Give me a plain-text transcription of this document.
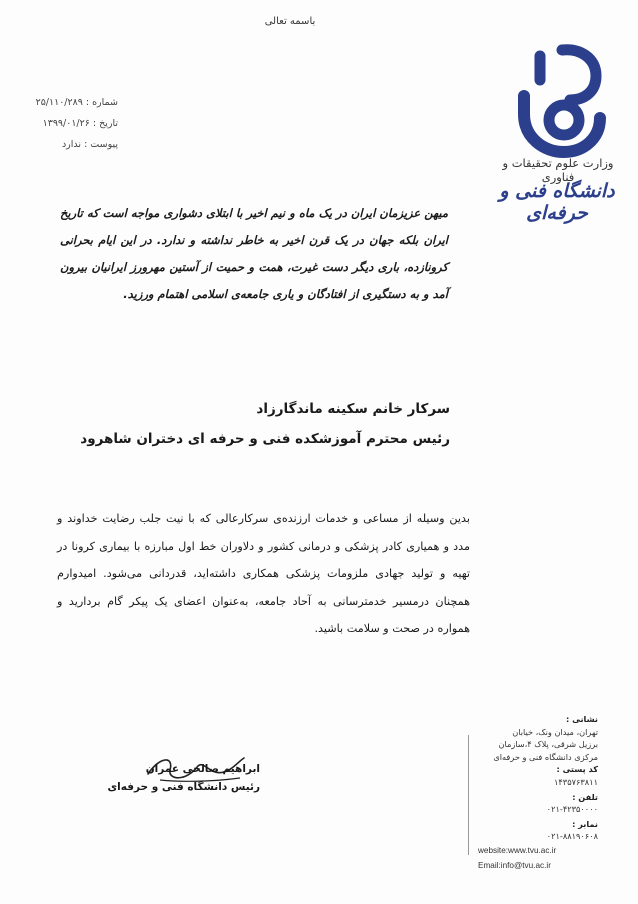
باسمه تعالی
شماره : ۲۵/۱۱۰/۲۸۹
تاریخ : ۱۳۹۹/۰۱/۲۶
پیوست : ندارد
وزارت علوم تحقیقات و فناوری
دانشگاه فنی و حرفه‌ای
میهن عزیزمان ایران در یک ماه و نیم اخیر با ابتلای دشواری مواجه است که تاریخ ایران بلکه جهان در یک قرن اخیر به خاطر نداشته و ندارد. در این ایام بحرانی کرونازده، باری دیگر دست غیرت، همت و حمیت از آستین مهرورز ایرانیان بیرون آمد و به دستگیری از افتادگان و یاری جامعه‌ی اسلامی اهتمام ورزید.
سرکار خانم سکینه ماندگارزاد
رئیس محترم آموزشکده فنی و حرفه ای دختران شاهرود
بدین وسیله از مساعی و خدمات ارزنده‌ی سرکارعالی که با نیت جلب رضایت خداوند و مدد و همیاری کادر پزشکی و درمانی کشور و دلاوران خط اول مبارزه با بیماری کرونا در تهیه و تولید جهادی ملزومات پزشکی همکاری داشته‌اید، قدردانی می‌شود. امیدوارم همچنان درمسیر خدمترسانی به آحاد جامعه، به‌عنوان اعضای یک پیکر گام بردارید و همواره در صحت و سلامت باشید.
ابراهیم صالحی عمران
رئیس دانشگاه فنی و حرفه‌ای
نشانی :
تهران، میدان ونک، خیابان
برزیل شرقی، پلاک ۴،سازمان
مرکزی دانشگاه فنی و حرفه‌ای
کد پستی :
۱۴۳۵۷۶۳۸۱۱
تلفن :
۰۲۱-۴۲۳۵۰۰۰۰
نمابر :
۰۲۱-۸۸۱۹۰۶۰۸
website:www.tvu.ac.ir
Email:info@tvu.ac.ir
